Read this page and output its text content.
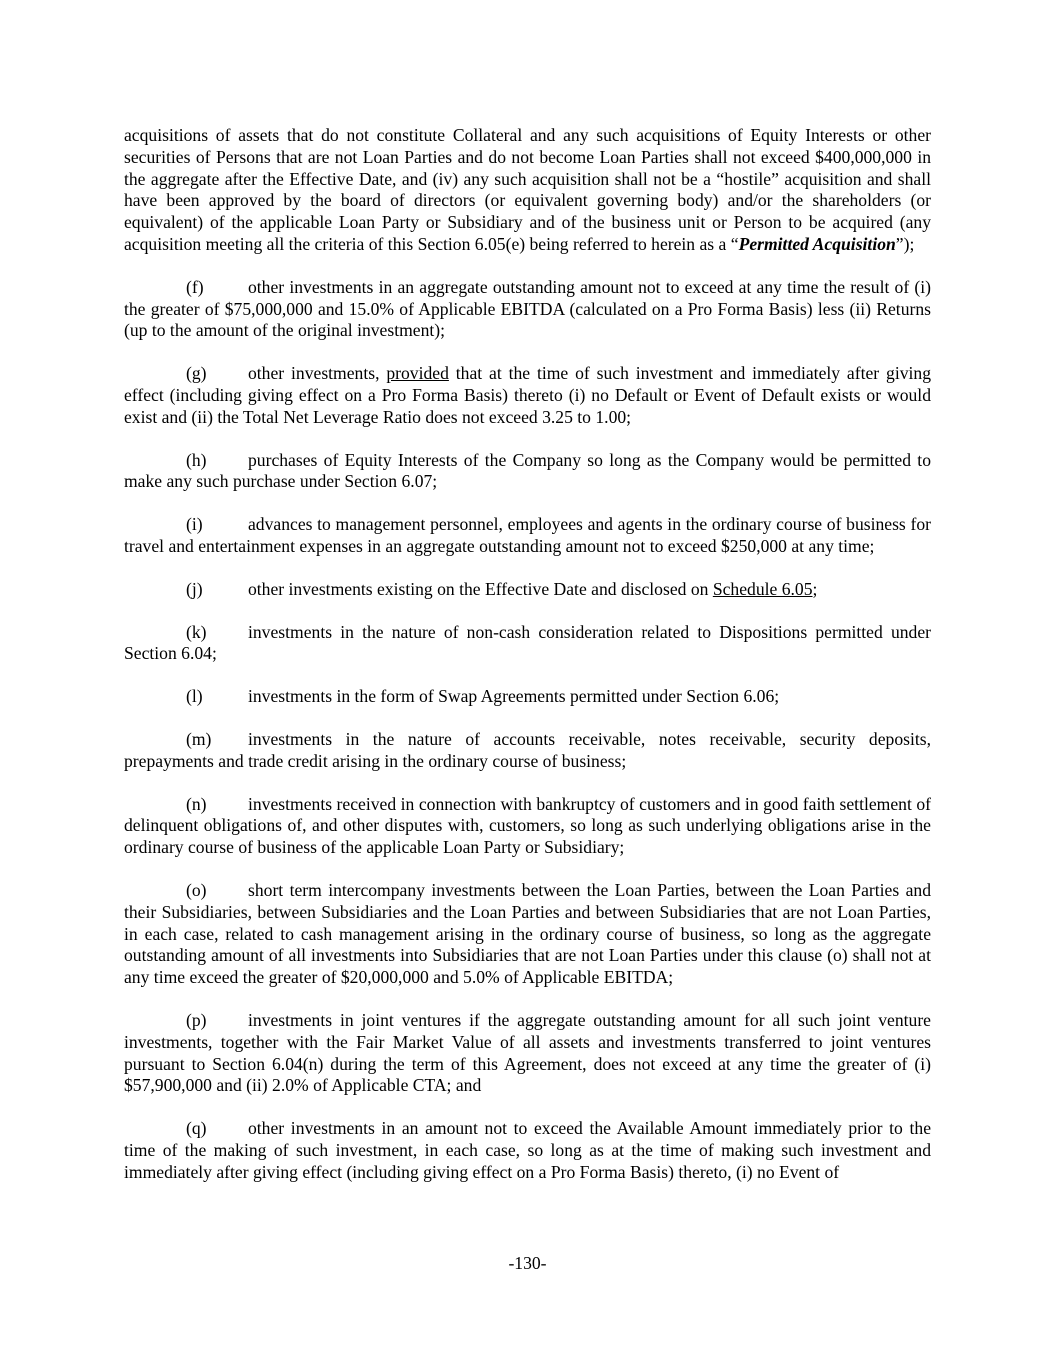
acquisitions of assets that do not constitute Collateral and any such acquisitions of Equity Interests or other securities of Persons that are not Loan Parties and do not become Loan Parties shall not exceed $400,000,000 in the aggregate after the Effective Date, and (iv) any such acquisition shall not be a “hostile” acquisition and shall have been approved by the board of directors (or equivalent governing body) and/or the shareholders (or equivalent) of the applicable Loan Party or Subsidiary and of the business unit or Person to be acquired (any acquisition meeting all the criteria of this Section 6.05(e) being referred to herein as a “Permitted Acquisition”);

(f)	other investments in an aggregate outstanding amount not to exceed at any time the result of (i) the greater of $75,000,000 and 15.0% of Applicable EBITDA (calculated on a Pro Forma Basis) less (ii) Returns (up to the amount of the original investment);

(g) other investments, provided that at the time of such investment and immediately after giving effect (including giving effect on a Pro Forma Basis) thereto (i) no Default or Event of Default exists or would exist and (ii) the Total Net Leverage Ratio does not exceed 3.25 to 1.00;

(h) purchases of Equity Interests of the Company so long as the Company would be permitted to make any such purchase under Section 6.07;

(i)	advances to management personnel, employees and agents in the ordinary course of business for travel and entertainment expenses in an aggregate outstanding amount not to exceed $250,000 at any time;

(j)	other investments existing on the Effective Date and disclosed on Schedule 6.05;

(k) investments in the nature of non-cash consideration related to Dispositions permitted under Section 6.04;

(l)	investments in the form of Swap Agreements permitted under Section 6.06;

(m) investments in the nature of accounts receivable, notes receivable, security deposits, prepayments and trade credit arising in the ordinary course of business;

(n) investments received in connection with bankruptcy of customers and in good faith settlement of delinquent obligations of, and other disputes with, customers, so long as such underlying obligations arise in the ordinary course of business of the applicable Loan Party or Subsidiary;

(o) short term intercompany investments between the Loan Parties, between the Loan Parties and their Subsidiaries, between Subsidiaries and the Loan Parties and between Subsidiaries that are not Loan Parties, in each case, related to cash management arising in the ordinary course of business, so long as the aggregate outstanding amount of all investments into Subsidiaries that are not Loan Parties under this clause (o) shall not at any time exceed the greater of $20,000,000 and 5.0% of Applicable EBITDA;

(p) investments in joint ventures if the aggregate outstanding amount for all such joint venture investments, together with the Fair Market Value of all assets and investments transferred to joint ventures pursuant to Section 6.04(n) during the term of this Agreement, does not exceed at any time the greater of (i) $57,900,000 and (ii) 2.0% of Applicable CTA; and

(q) other investments in an amount not to exceed the Available Amount immediately prior to the time of the making of such investment, in each case, so long as at the time of making such investment and immediately after giving effect (including giving effect on a Pro Forma Basis) thereto, (i) no Event of

-130-
